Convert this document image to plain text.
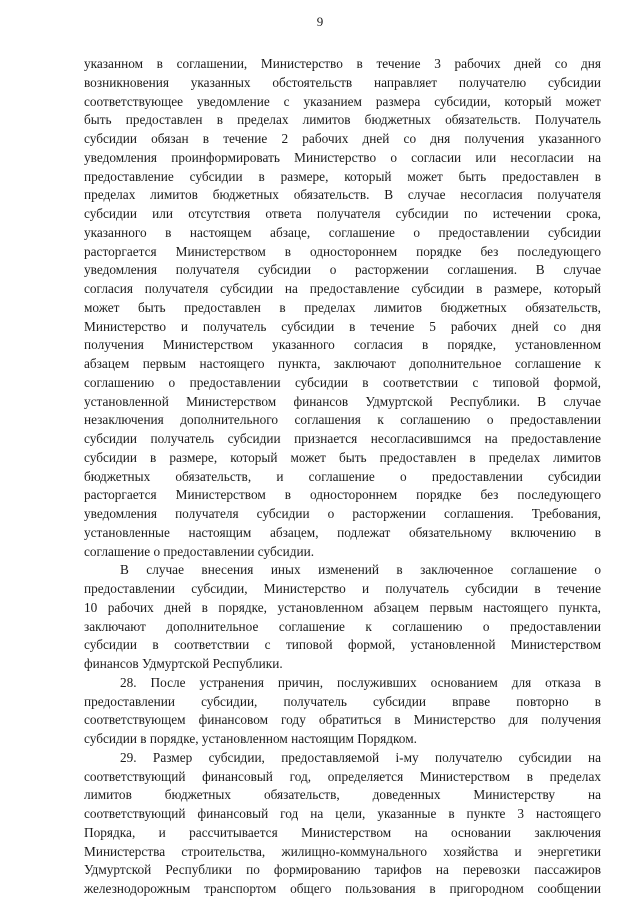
9
указанном в соглашении, Министерство в течение 3 рабочих дней со дня
возникновения указанных обстоятельств направляет получателю субсидии
соответствующее уведомление с указанием размера субсидии, который может
быть предоставлен в пределах лимитов бюджетных обязательств. Получатель
субсидии обязан в течение 2 рабочих дней со дня получения указанного
уведомления проинформировать Министерство о согласии или несогласии на
предоставление субсидии в размере, который может быть предоставлен в
пределах лимитов бюджетных обязательств. В случае несогласия получателя
субсидии или отсутствия ответа получателя субсидии по истечении срока,
указанного в настоящем абзаце, соглашение о предоставлении субсидии
расторгается Министерством в одностороннем порядке без последующего
уведомления получателя субсидии о расторжении соглашения. В случае
согласия получателя субсидии на предоставление субсидии в размере, который
может быть предоставлен в пределах лимитов бюджетных обязательств,
Министерство и получатель субсидии в течение 5 рабочих дней со дня
получения Министерством указанного согласия в порядке, установленном
абзацем первым настоящего пункта, заключают дополнительное соглашение к
соглашению о предоставлении субсидии в соответствии с типовой формой,
установленной Министерством финансов Удмуртской Республики. В случае
незаключения дополнительного соглашения к соглашению о предоставлении
субсидии получатель субсидии признается несогласившимся на предоставление
субсидии в размере, который может быть предоставлен в пределах лимитов
бюджетных обязательств, и соглашение о предоставлении субсидии
расторгается Министерством в одностороннем порядке без последующего
уведомления получателя субсидии о расторжении соглашения. Требования,
установленные настоящим абзацем, подлежат обязательному включению в
соглашение о предоставлении субсидии.
В случае внесения иных изменений в заключенное соглашение о
предоставлении субсидии, Министерство и получатель субсидии в течение
10 рабочих дней в порядке, установленном абзацем первым настоящего пункта,
заключают дополнительное соглашение к соглашению о предоставлении
субсидии в соответствии с типовой формой, установленной Министерством
финансов Удмуртской Республики.
28. После устранения причин, послуживших основанием для отказа в
предоставлении субсидии, получатель субсидии вправе повторно в
соответствующем финансовом году обратиться в Министерство для получения
субсидии в порядке, установленном настоящим Порядком.
29. Размер субсидии, предоставляемой i-му получателю субсидии на
соответствующий финансовый год, определяется Министерством в пределах
лимитов бюджетных обязательств, доведенных Министерству на
соответствующий финансовый год на цели, указанные в пункте 3 настоящего
Порядка, и рассчитывается Министерством на основании заключения
Министерства строительства, жилищно-коммунального хозяйства и энергетики
Удмуртской Республики по формированию тарифов на перевозки пассажиров
железнодорожным транспортом общего пользования в пригородном сообщении
